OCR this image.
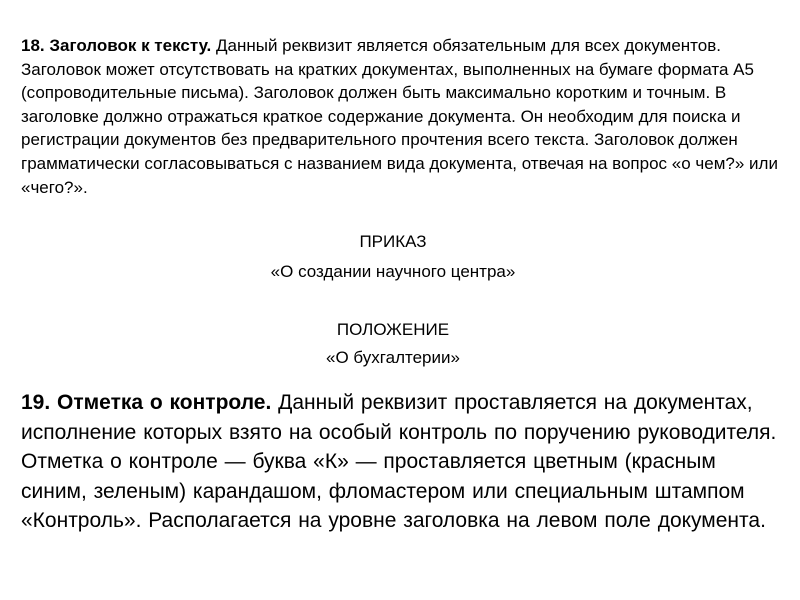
18. Заголовок к тексту. Данный реквизит является обязательным для всех документов. Заголовок может отсутствовать на кратких документах, выполненных на бумаге формата А5 (сопроводительные письма). Заголовок должен быть максимально коротким и точным. В заголовке должно отражаться краткое содержание документа. Он необходим для поиска и регистрации документов без предварительного прочтения всего текста. Заголовок должен грамматически согласовываться с названием вида документа, отвечая на вопрос «о чем?» или «чего?».

ПРИКАЗ

«О создании научного центра»

ПОЛОЖЕНИЕ

«О бухгалтерии»

19. Отметка о контроле. Данный реквизит проставляется на документах, исполнение которых взято на особый контроль по поручению руководителя. Отметка о контроле — буква «К» — проставляется цветным (красным синим, зеленым) карандашом, фломастером или специальным штампом «Контроль». Располагается на уровне заголовка на левом поле документа.
